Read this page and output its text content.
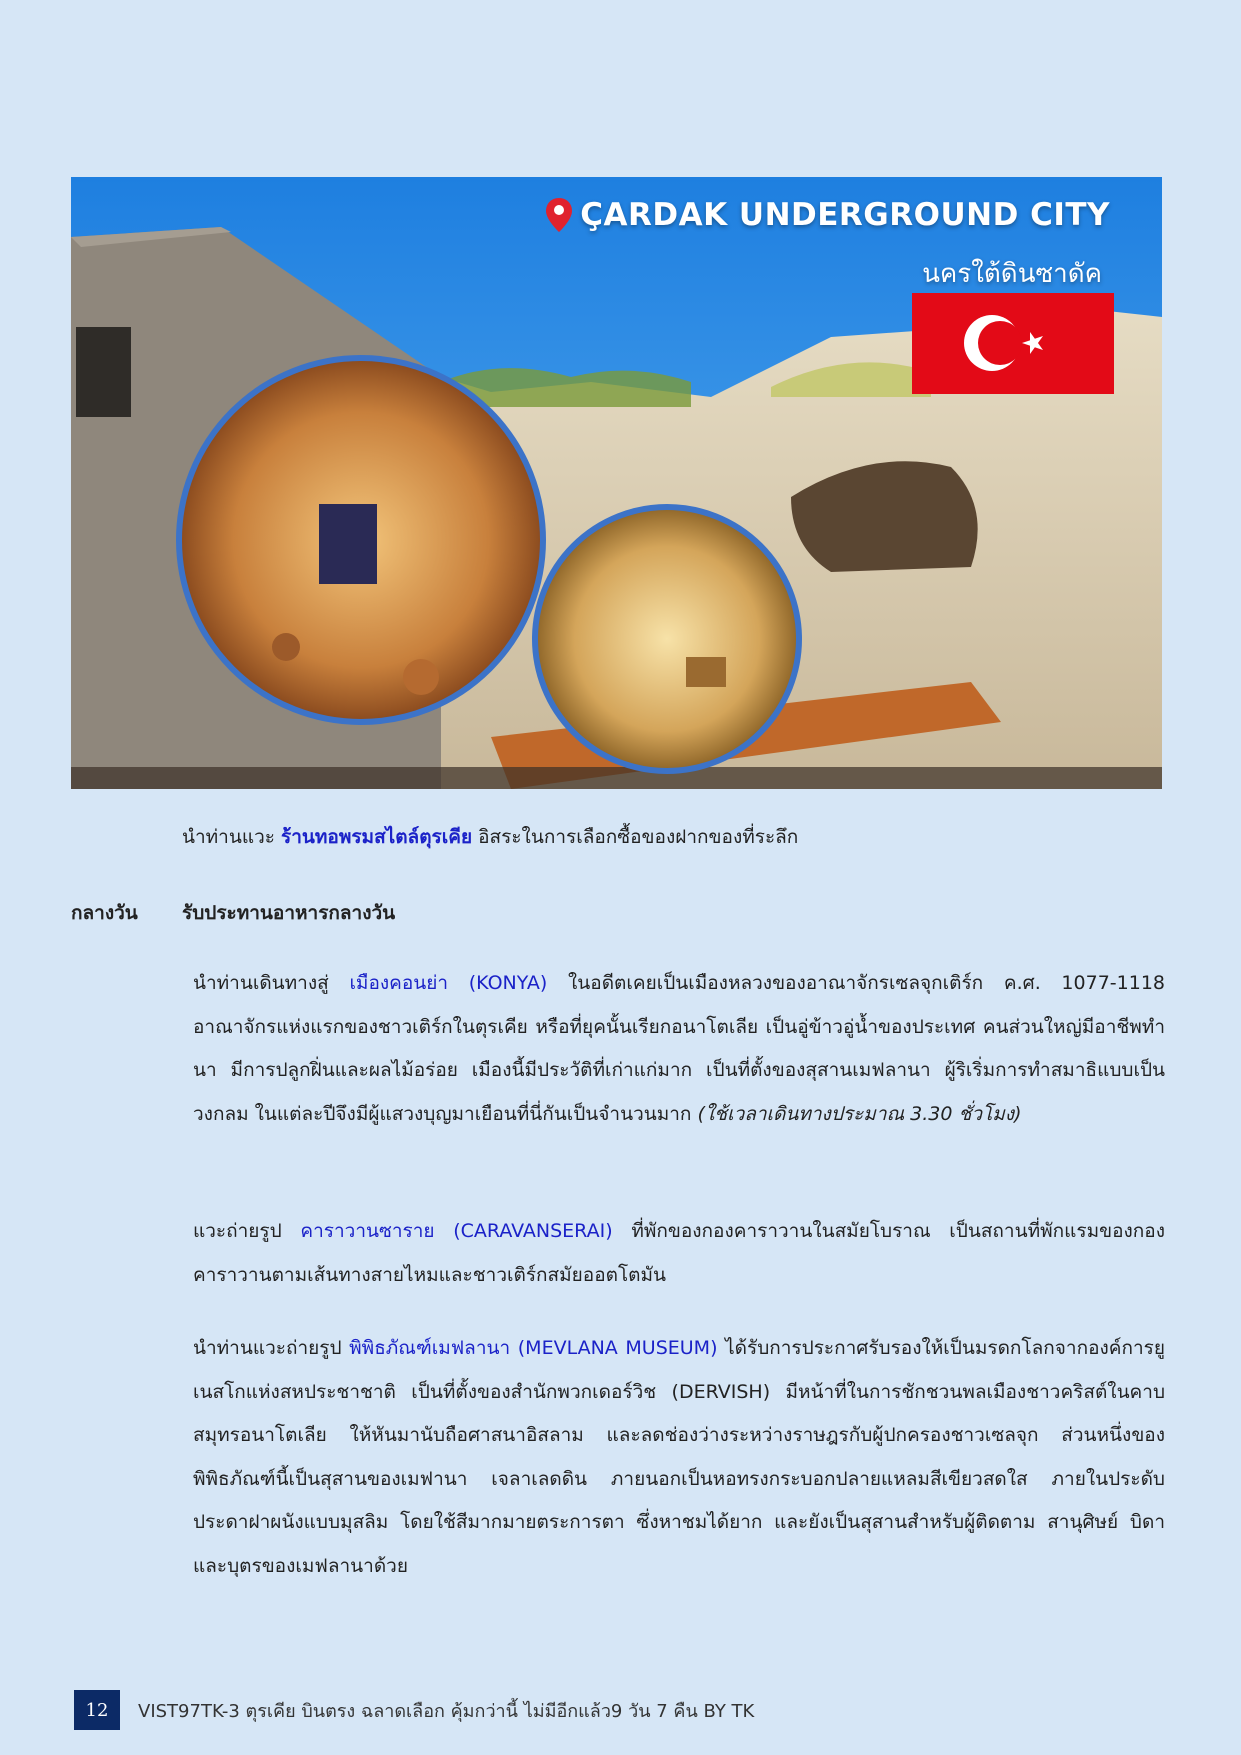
ÇARDAK UNDERGROUND CITY
นครใต้ดินซาดัค
นำท่านแวะ ร้านทอพรมสไตล์ตุรเคีย อิสระในการเลือกซื้อของฝากของที่ระลึก
กลางวัน	รับประทานอาหารกลางวัน

นำท่านเดินทางสู่ เมืองคอนย่า (KONYA) ในอดีตเคยเป็นเมืองหลวงของอาณาจักรเซลจุกเติร์ก ค.ศ. 1077-1118 อาณาจักรแห่งแรกของชาวเติร์กในตุรเคีย หรือที่ยุคนั้นเรียกอนาโตเลีย เป็นอู่ข้าวอู่น้ำของประเทศ คนส่วนใหญ่มีอาชีพทำนา มีการปลูกฝิ่นและผลไม้อร่อย เมืองนี้มีประวัติที่เก่าแก่มาก เป็นที่ตั้งของสุสานเมฟลานา ผู้ริเริ่มการทำสมาธิแบบเป็นวงกลม ในแต่ละปีจึงมีผู้แสวงบุญมาเยือนที่นี่กันเป็นจำนวนมาก (ใช้เวลาเดินทางประมาณ 3.30 ชั่วโมง)

แวะถ่ายรูป คาราวานซาราย (CARAVANSERAI) ที่พักของกองคาราวานในสมัยโบราณ เป็นสถานที่พักแรมของกองคาราวานตามเส้นทางสายไหมและชาวเติร์กสมัยออตโตมัน

นำท่านแวะถ่ายรูป พิพิธภัณฑ์เมฟลานา (MEVLANA MUSEUM) ได้รับการประกาศรับรองให้เป็นมรดกโลกจากองค์การยูเนสโกแห่งสหประชาชาติ เป็นที่ตั้งของสำนักพวกเดอร์วิช (DERVISH) มีหน้าที่ในการชักชวนพลเมืองชาวคริสต์ในคาบสมุทรอนาโตเลีย ให้หันมานับถือศาสนาอิสลาม และลดช่องว่างระหว่างราษฎรกับผู้ปกครองชาวเซลจุก ส่วนหนึ่งของพิพิธภัณฑ์นี้เป็นสุสานของเมฟานา เจลาเลดดิน ภายนอกเป็นหอทรงกระบอกปลายแหลมสีเขียวสดใส ภายในประดับประดาฝาผนังแบบมุสลิม โดยใช้สีมากมายตระการตา ซึ่งหาชมได้ยาก และยังเป็นสุสานสำหรับผู้ติดตาม สานุศิษย์ บิดา และบุตรของเมฟลานาด้วย

12	VIST97TK-3 ตุรเคีย บินตรง ฉลาดเลือก คุ้มกว่านี้ ไม่มีอีกแล้ว9 วัน 7 คืน BY TK
